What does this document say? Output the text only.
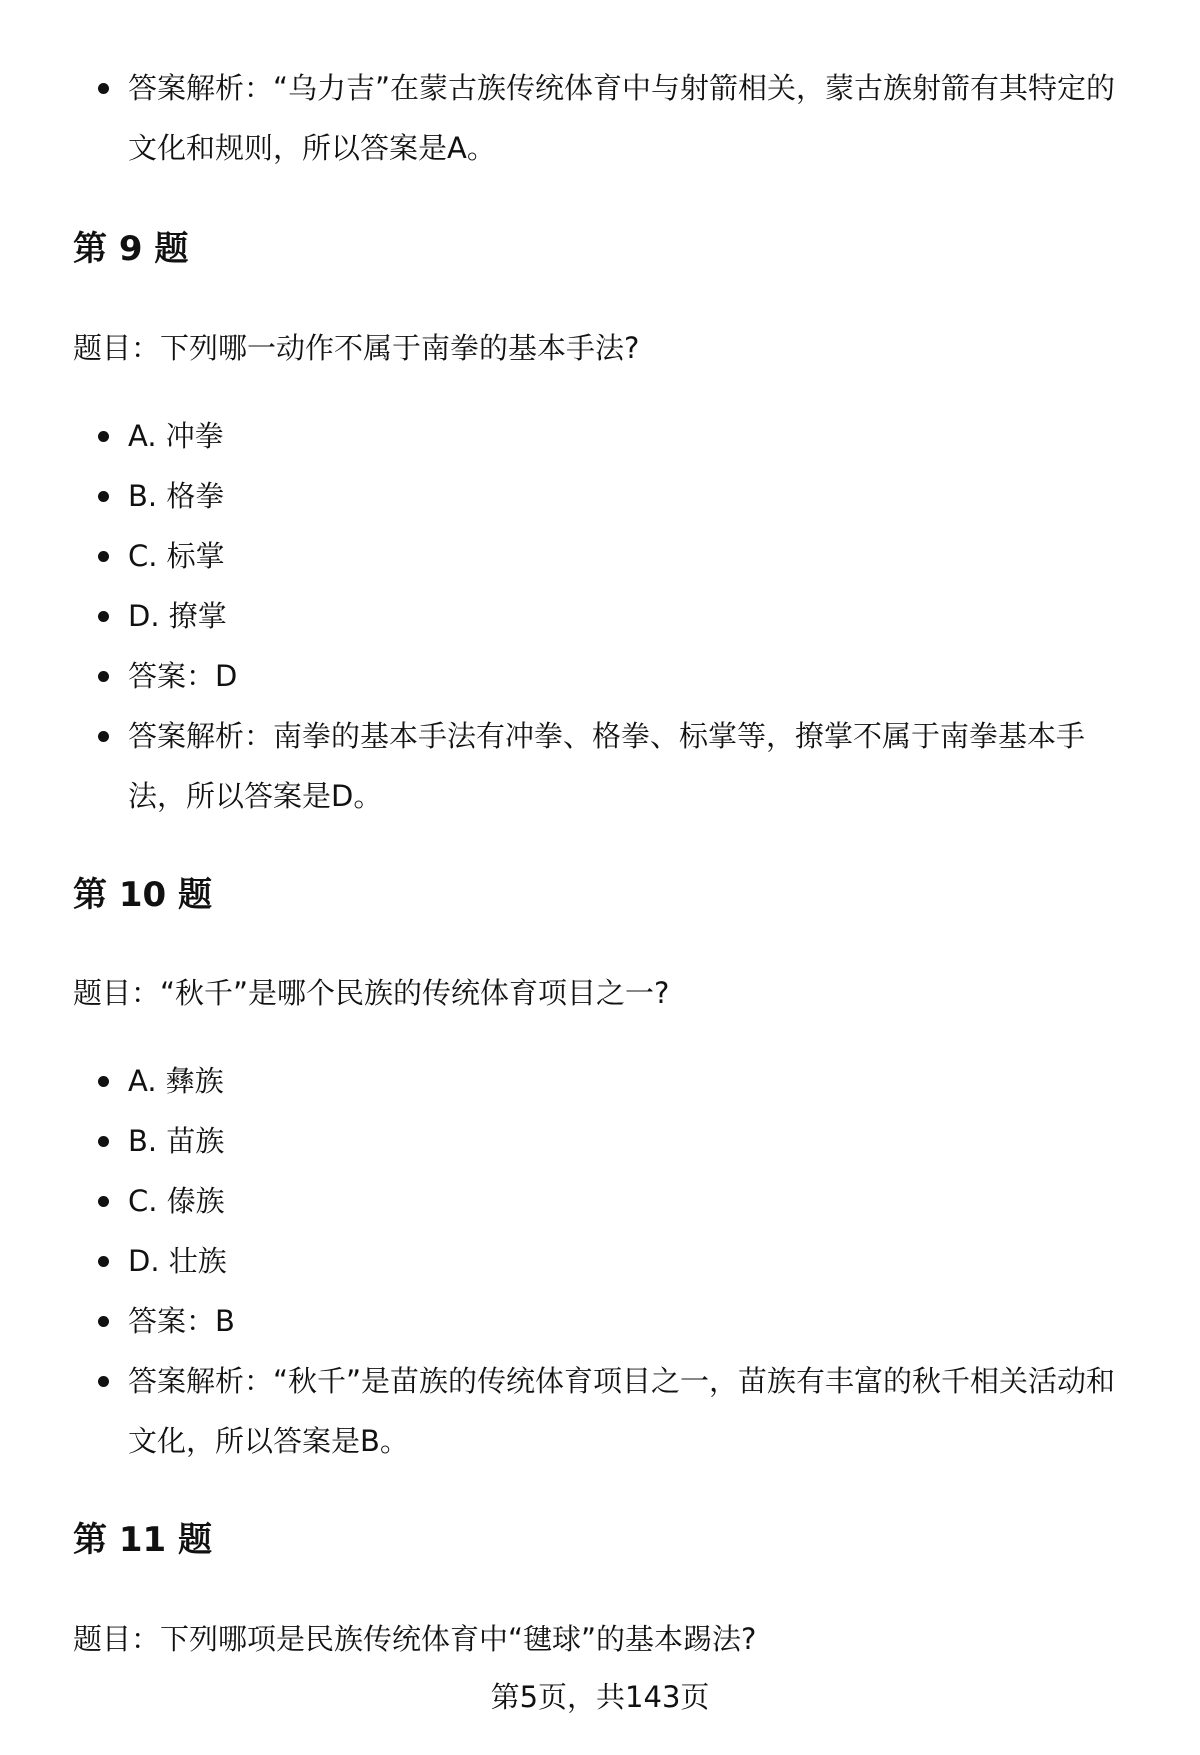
答案解析：“乌力吉”在蒙古族传统体育中与射箭相关，蒙古族射箭有其特定的文化和规则，所以答案是A。
第 9 题

题目：下列哪一动作不属于南拳的基本手法?

A. 冲拳
B. 格拳
C. 标掌
D. 撩掌
答案：D
答案解析：南拳的基本手法有冲拳、格拳、标掌等，撩掌不属于南拳基本手法，所以答案是D。
第 10 题

题目：“秋千”是哪个民族的传统体育项目之一?

A. 彝族
B. 苗族
C. 傣族
D. 壮族
答案：B
答案解析：“秋千”是苗族的传统体育项目之一，苗族有丰富的秋千相关活动和文化，所以答案是B。
第 11 题

题目：下列哪项是民族传统体育中“毽球”的基本踢法?

第5页，共143页
